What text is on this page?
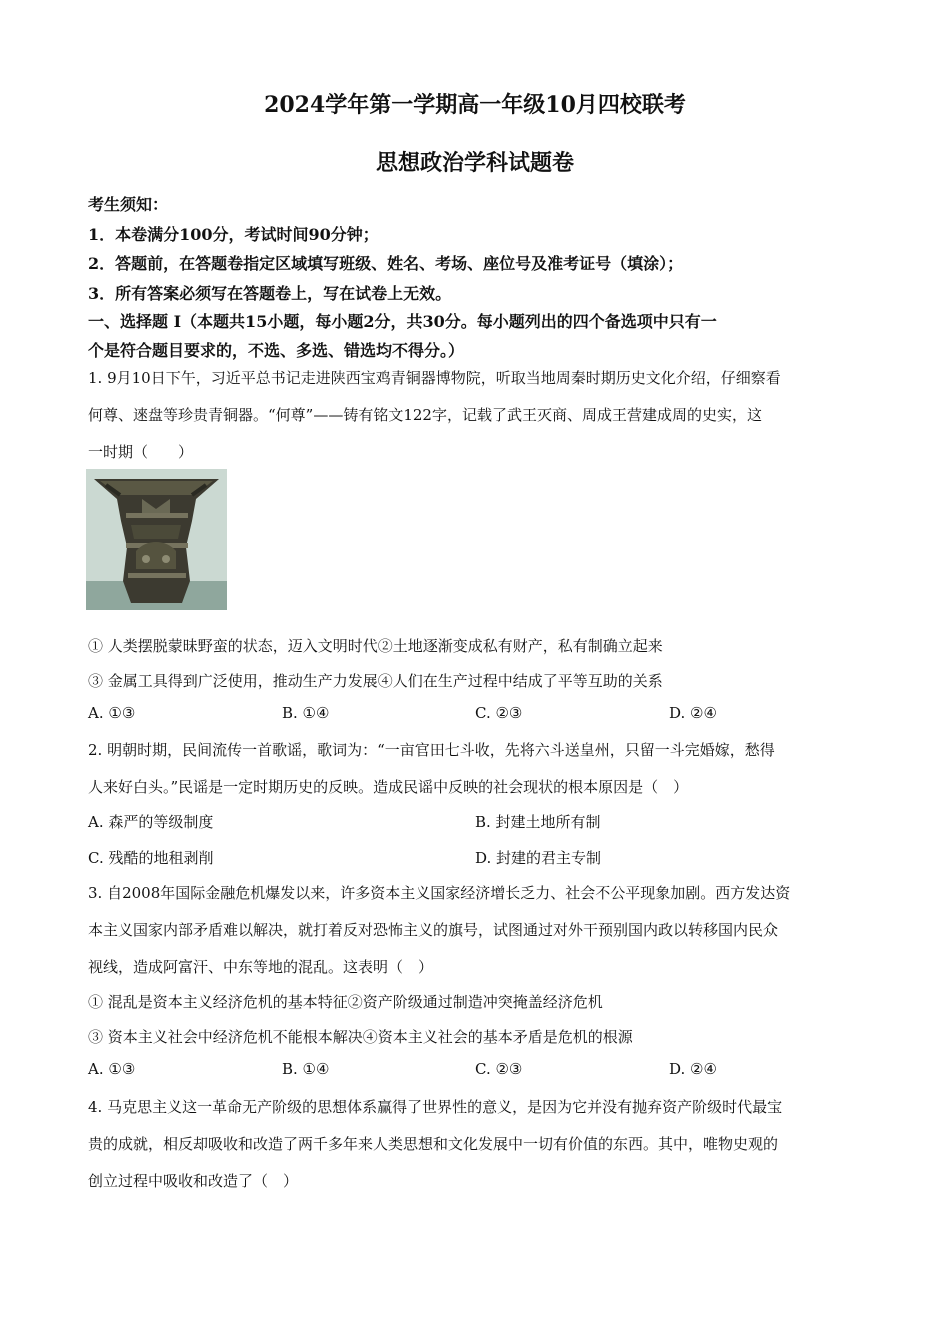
2024学年第一学期高一年级10月四校联考
思想政治学科试题卷
考生须知：
1．本卷满分100分，考试时间90分钟；
2．答题前，在答题卷指定区域填写班级、姓名、考场、座位号及准考证号（填涂）；
3．所有答案必须写在答题卷上，写在试卷上无效。
一、选择题 Ⅰ（本题共15小题，每小题2分，共30分。每小题列出的四个备选项中只有一
个是符合题目要求的，不选、多选、错选均不得分。）
1. 9月10日下午，习近平总书记走进陕西宝鸡青铜器博物院，听取当地周秦时期历史文化介绍，仔细察看
何尊、逨盘等珍贵青铜器。“何尊”——铸有铭文122字，记载了武王灭商、周成王营建成周的史实，这
一时期（　　）
① 人类摆脱蒙昧野蛮的状态，迈入文明时代②土地逐渐变成私有财产，私有制确立起来
③ 金属工具得到广泛使用，推动生产力发展④人们在生产过程中结成了平等互助的关系
A. ①③	B. ①④	C. ②③	D. ②④
2. 明朝时期，民间流传一首歌谣，歌词为：“一亩官田七斗收，先将六斗送皇州，只留一斗完婚嫁，愁得
人来好白头。”民谣是一定时期历史的反映。造成民谣中反映的社会现状的根本原因是（　）
A. 森严的等级制度	B. 封建土地所有制
C. 残酷的地租剥削	D. 封建的君主专制
3. 自2008年国际金融危机爆发以来，许多资本主义国家经济增长乏力、社会不公平现象加剧。西方发达资
本主义国家内部矛盾难以解决，就打着反对恐怖主义的旗号，试图通过对外干预别国内政以转移国内民众
视线，造成阿富汗、中东等地的混乱。这表明（　）
① 混乱是资本主义经济危机的基本特征②资产阶级通过制造冲突掩盖经济危机
③ 资本主义社会中经济危机不能根本解决④资本主义社会的基本矛盾是危机的根源
A. ①③	B. ①④	C. ②③	D. ②④
4. 马克思主义这一革命无产阶级的思想体系赢得了世界性的意义，是因为它并没有抛弃资产阶级时代最宝
贵的成就，相反却吸收和改造了两千多年来人类思想和文化发展中一切有价值的东西。其中，唯物史观的
创立过程中吸收和改造了（　）
